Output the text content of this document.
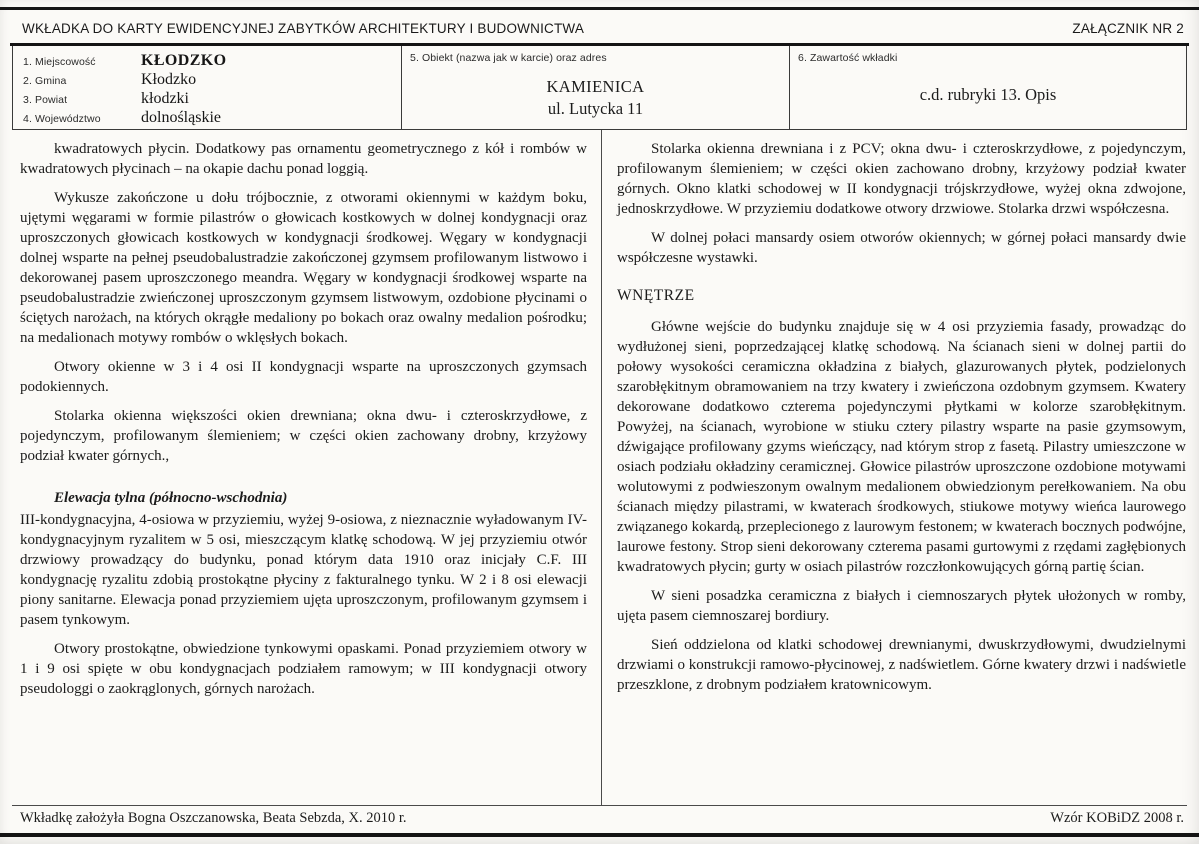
WKŁADKA DO KARTY EWIDENCYJNEJ ZABYTKÓW ARCHITEKTURY I BUDOWNICTWA	ZAŁĄCZNIK NR 2
1. Miejscowość	KŁODZKO
2. Gmina	Kłodzko
3. Powiat	kłodzki
4. Województwo	dolnośląskie
5. Obiekt (nazwa jak w karcie) oraz adres
KAMIENICA
ul. Lutycka 11
6. Zawartość wkładki
c.d. rubryki 13. Opis

kwadratowych płycin. Dodatkowy pas ornamentu geometrycznego z kół i rombów w kwadratowych płycinach – na okapie dachu ponad loggią.

Wykusze zakończone u dołu trójbocznie, z otworami okiennymi w każdym boku, ujętymi węgarami w formie pilastrów o głowicach kostkowych w dolnej kondygnacji oraz uproszczonych głowicach kostkowych w kondygnacji środkowej. Węgary w kondygnacji dolnej wsparte na pełnej pseudobalustradzie zakończonej gzymsem profilowanym listwowo i dekorowanej pasem uproszczonego meandra. Węgary w kondygnacji środkowej wsparte na pseudobalustradzie zwieńczonej uproszczonym gzymsem listwowym, ozdobione płycinami o ściętych narożach, na których okrągłe medaliony po bokach oraz owalny medalion pośrodku; na medalionach motywy rombów o wklęsłych bokach.

Otwory okienne w 3 i 4 osi II kondygnacji wsparte na uproszczonych gzymsach podokiennych.

Stolarka okienna większości okien drewniana; okna dwu- i czteroskrzydłowe, z pojedynczym, profilowanym ślemieniem; w części okien zachowany drobny, krzyżowy podział kwater górnych.,

Elewacja tylna (północno-wschodnia)

III-kondygnacyjna, 4-osiowa w przyziemiu, wyżej 9-osiowa, z nieznacznie wyładowanym IV-kondygnacyjnym ryzalitem w 5 osi, mieszczącym klatkę schodową. W jej przyziemiu otwór drzwiowy prowadzący do budynku, ponad którym data 1910 oraz inicjały C.F. III kondygnację ryzalitu zdobią prostokątne płyciny z fakturalnego tynku. W 2 i 8 osi elewacji piony sanitarne. Elewacja ponad przyziemiem ujęta uproszczonym, profilowanym gzymsem i pasem tynkowym.

Otwory prostokątne, obwiedzione tynkowymi opaskami. Ponad przyziemiem otwory w 1 i 9 osi spięte w obu kondygnacjach podziałem ramowym; w III kondygnacji otwory pseudologgi o zaokrąglonych, górnych narożach.

Stolarka okienna drewniana i z PCV; okna dwu- i czteroskrzydłowe, z pojedynczym, profilowanym ślemieniem; w części okien zachowano drobny, krzyżowy podział kwater górnych. Okno klatki schodowej w II kondygnacji trójskrzydłowe, wyżej okna zdwojone, jednoskrzydłowe. W przyziemiu dodatkowe otwory drzwiowe. Stolarka drzwi współczesna.

W dolnej połaci mansardy osiem otworów okiennych; w górnej połaci mansardy dwie współczesne wystawki.

WNĘTRZE

Główne wejście do budynku znajduje się w 4 osi przyziemia fasady, prowadząc do wydłużonej sieni, poprzedzającej klatkę schodową. Na ścianach sieni w dolnej partii do połowy wysokości ceramiczna okładzina z białych, glazurowanych płytek, podzielonych szarobłękitnym obramowaniem na trzy kwatery i zwieńczona ozdobnym gzymsem. Kwatery dekorowane dodatkowo czterema pojedynczymi płytkami w kolorze szarobłękitnym. Powyżej, na ścianach, wyrobione w stiuku cztery pilastry wsparte na pasie gzymsowym, dźwigające profilowany gzyms wieńczący, nad którym strop z fasetą. Pilastry umieszczone w osiach podziału okładziny ceramicznej. Głowice pilastrów uproszczone ozdobione motywami wolutowymi z podwieszonym owalnym medalionem obwiedzionym perełkowaniem. Na obu ścianach między pilastrami, w kwaterach środkowych, stiukowe motywy wieńca laurowego związanego kokardą, przeplecionego z laurowym festonem; w kwaterach bocznych podwójne, laurowe festony. Strop sieni dekorowany czterema pasami gurtowymi z rzędami zagłębionych kwadratowych płycin; gurty w osiach pilastrów rozczłonkowujących górną partię ścian.

W sieni posadzka ceramiczna z białych i ciemnoszarych płytek ułożonych w romby, ujęta pasem ciemnoszarej bordiury.

Sień oddzielona od klatki schodowej drewnianymi, dwuskrzydłowymi, dwudzielnymi drzwiami o konstrukcji ramowo-płycinowej, z nadświetlem. Górne kwatery drzwi i nadświetle przeszklone, z drobnym podziałem kratownicowym.

Wkładkę założyła Bogna Oszczanowska, Beata Sebzda, X. 2010 r.	Wzór KOBiDZ 2008 r.
